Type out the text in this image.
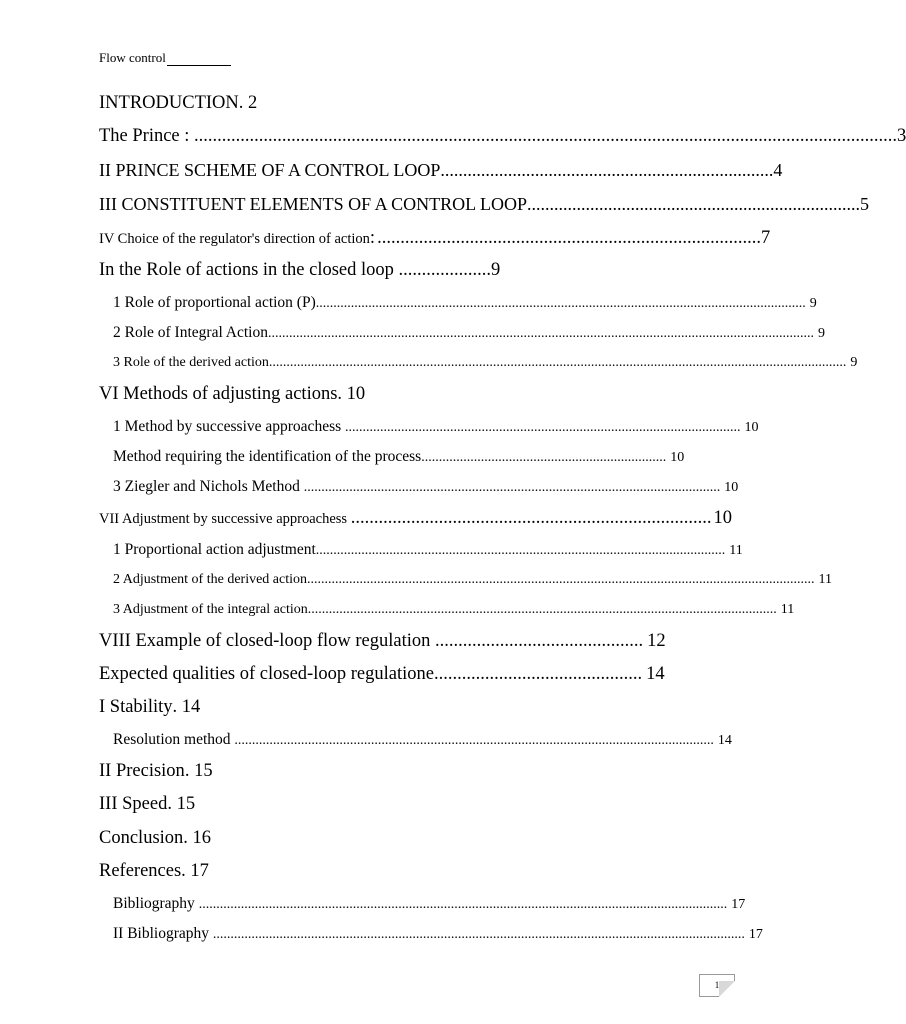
Flow control
INTRODUCTION . 2
The Prince : ........................................................................................................................................................ 3
II PRINCE SCHEME OF A CONTROL LOOP .......................................................................... 4
III CONSTITUENT ELEMENTS OF A CONTROL LOOP .......................................................................... 5
IV Choice of the regulator's direction of action : ................................................................................... 7
In the Role of actions in the closed loop .................... 9
1 Role of proportional action (P) ............................................................................................................................................ 9
2 Role of Integral Action ............................................................................................................................................................ 9
3 Role of the derived action ..................................................................................................................................................................... 9
VI Methods of adjusting actions . 10
1 Method by successive approachess ................................................................................................................. 10
Method requiring the identification of the process ...................................................................... 10
3 Ziegler and Nichols Method ....................................................................................................................... 10
VII Adjustment by successive approachess .............................................................................. 10
1 Proportional action adjustment ..................................................................................................................... 11
2 Adjustment of the derived action ................................................................................................................................................. 11
3 Adjustment of the integral action ...................................................................................................................................... 11
VIII Example of closed-loop flow regulation ............................................. 12
Expected qualities of closed-loop regulatione ............................................. 14
I Stability . 14
Resolution method ......................................................................................................................................... 14
II Precision . 15
III Speed . 15
Conclusion . 16
References . 17
Bibliography ....................................................................................................................................................... 17
II Bibliography ........................................................................................................................................................ 17
1
